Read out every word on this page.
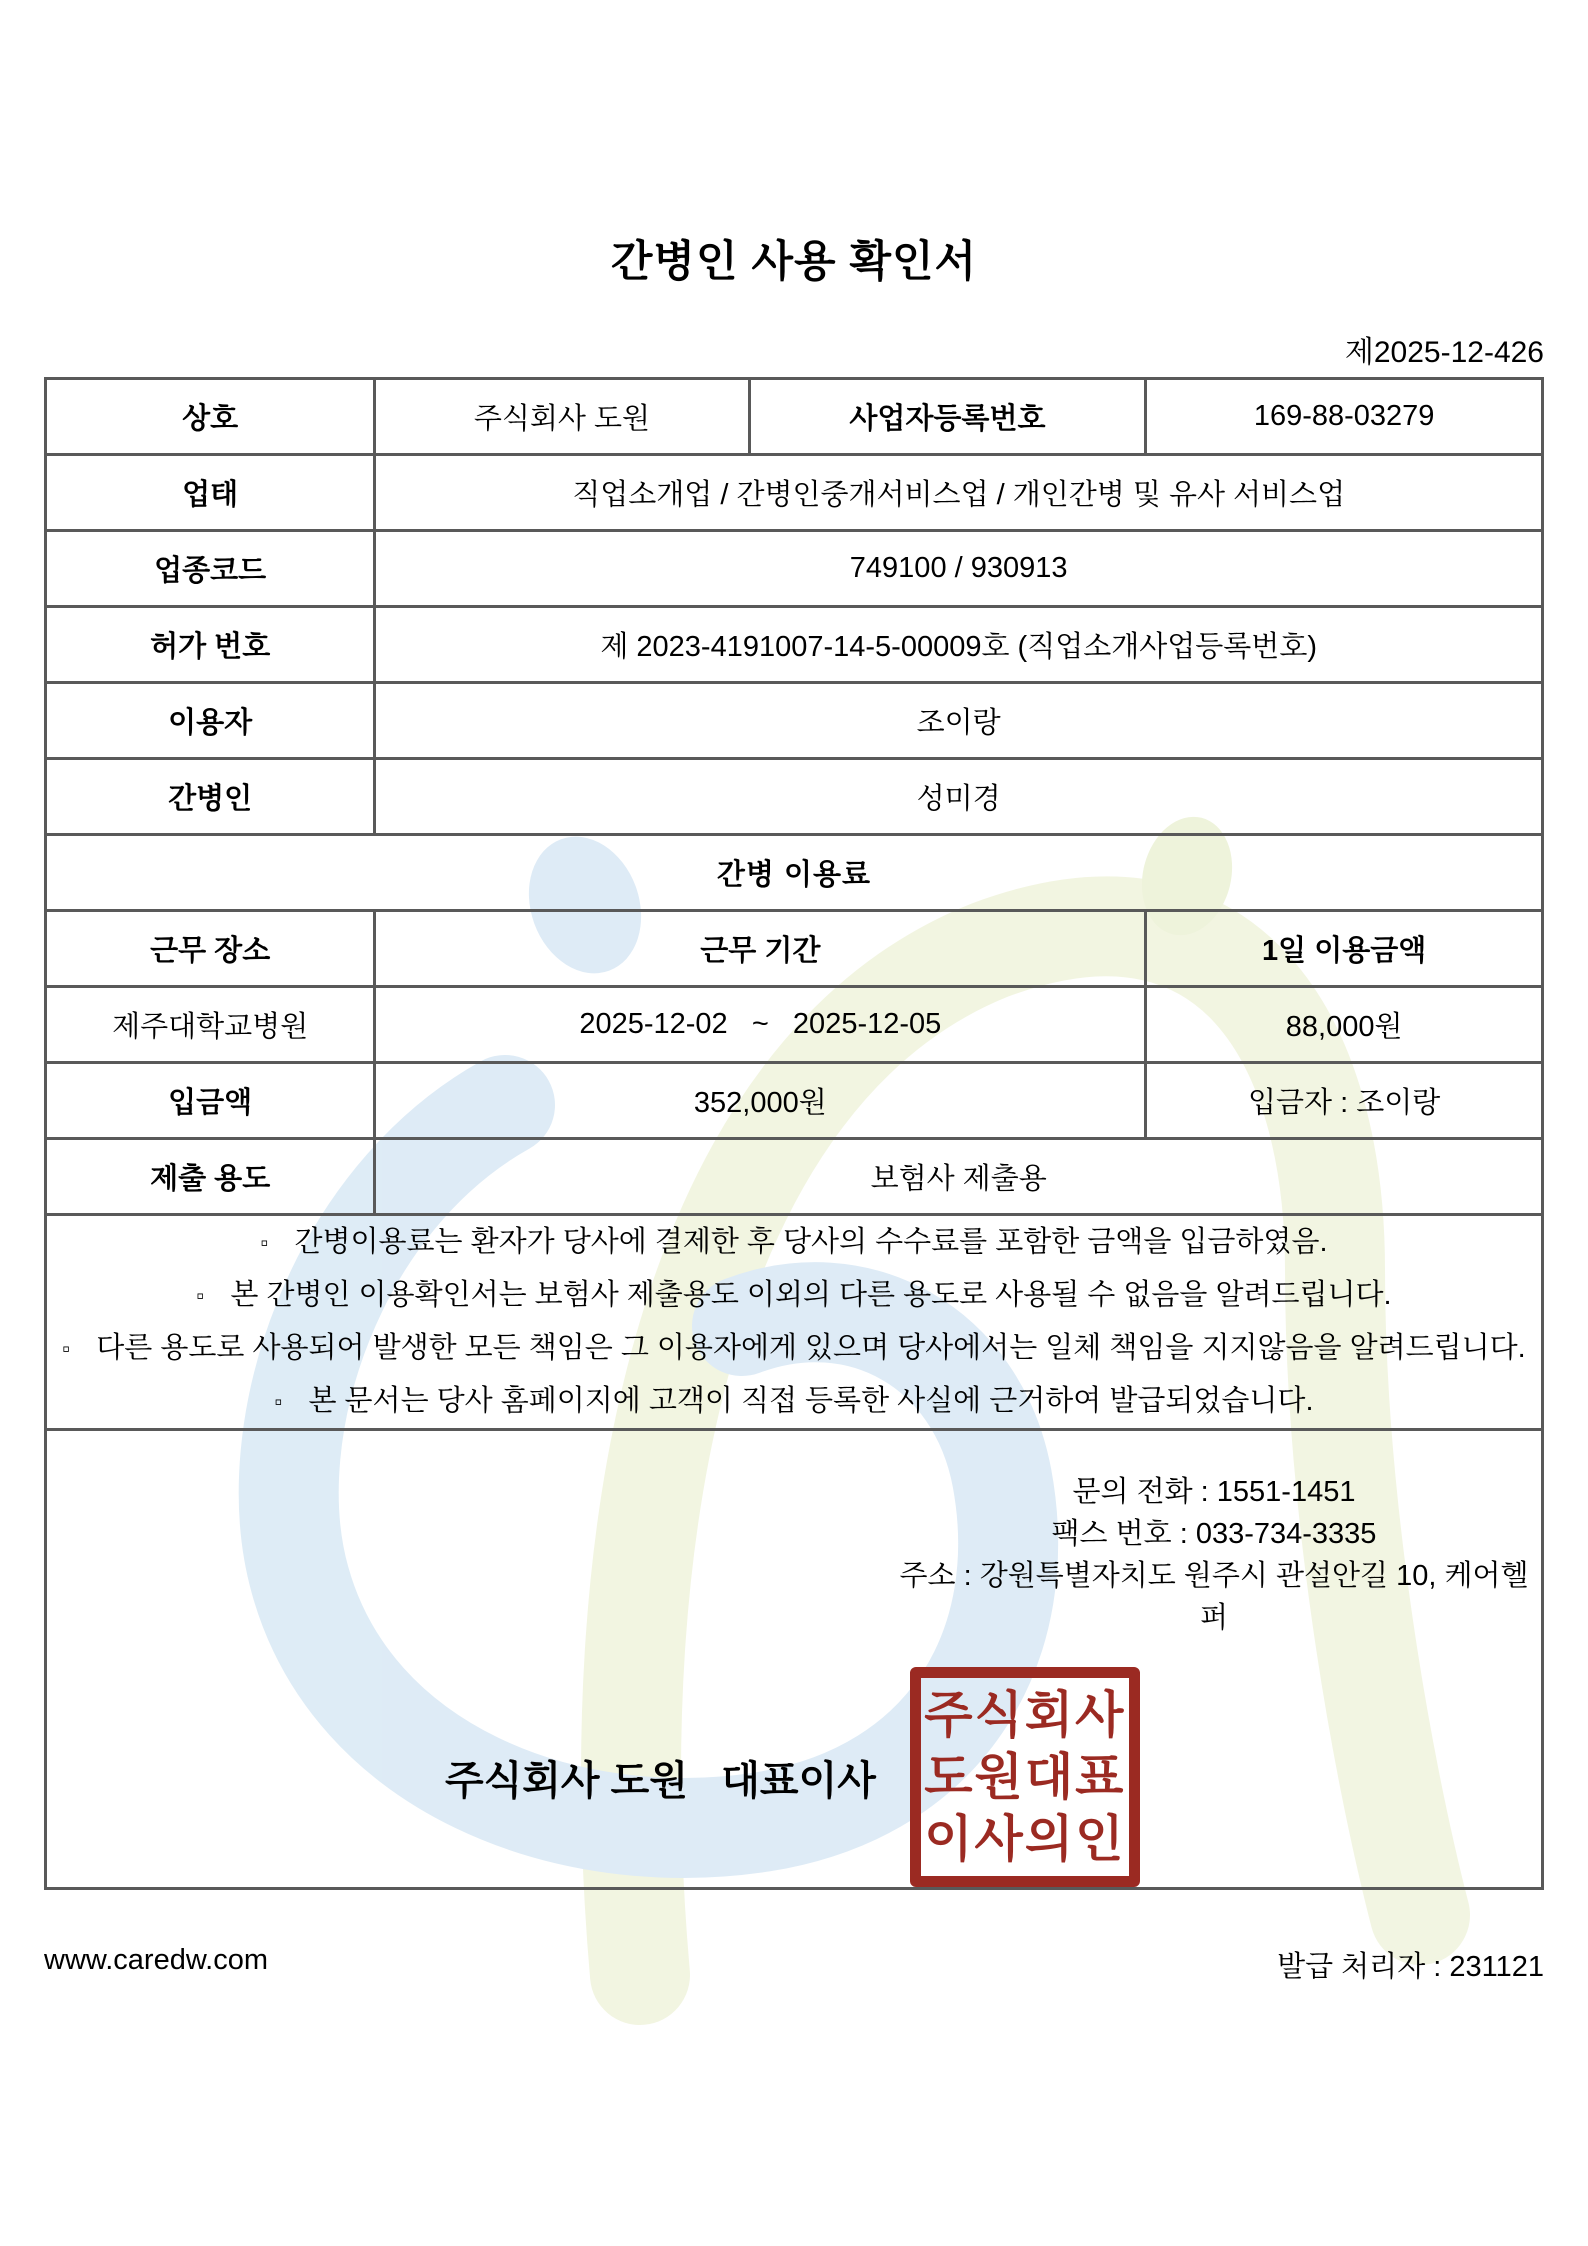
간병인 사용 확인서
제2025-12-426
상호	주식회사 도원	사업자등록번호	169-88-03279
업태	직업소개업 / 간병인중개서비스업 / 개인간병 및 유사 서비스업		
업종코드	749100 / 930913		
허가 번호	제 2023-4191007-14-5-00009호 (직업소개사업등록번호)		
이용자	조이랑		
간병인	성미경		
간병 이용료			
근무 장소	근무 기간		1일 이용금액
제주대학교병원	2025-12-02   ~   2025-12-05		88,000원
입금액	352,000원		입금자 : 조이랑
제출 용도	보험사 제출용		

▫ 간병이용료는 환자가 당사에 결제한 후 당사의 수수료를 포함한 금액을 입금하였음.
▫ 본 간병인 이용확인서는 보험사 제출용도 이외의 다른 용도로 사용될 수 없음을 알려드립니다.
▫ 다른 용도로 사용되어 발생한 모든 책임은 그 이용자에게 있으며 당사에서는 일체 책임을 지지않음을 알려드립니다.
▫ 본 문서는 당사 홈페이지에 고객이 직접 등록한 사실에 근거하여 발급되었습니다.			

문의 전화 : 1551-1451
팩스 번호 : 033-734-3335
주소 : 강원특별자치도 원주시 관설안길 10, 케어헬퍼
주식회사 도원   대표이사
주식회사
도원대표
이사의인
www.caredw.com	발급 처리자 : 231121
